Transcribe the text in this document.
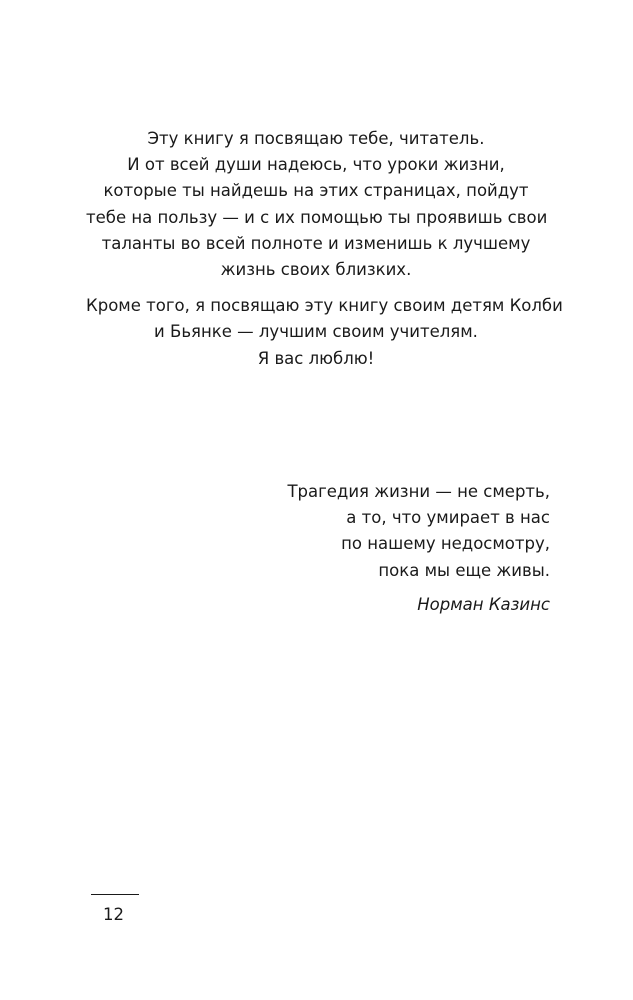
Эту книгу я посвящаю тебе, читатель.
И от всей души надеюсь, что уроки жизни,
которые ты найдешь на этих страницах, пойдут
тебе на пользу — и с их помощью ты проявишь свои
таланты во всей полноте и изменишь к лучшему
жизнь своих близких.

Кроме того, я посвящаю эту книгу своим детям Колби
и Бьянке — лучшим своим учителям.
Я вас люблю!

Трагедия жизни — не смерть,
а то, что умирает в нас
по нашему недосмотру,
пока мы еще живы.
Норман Казинс
12
